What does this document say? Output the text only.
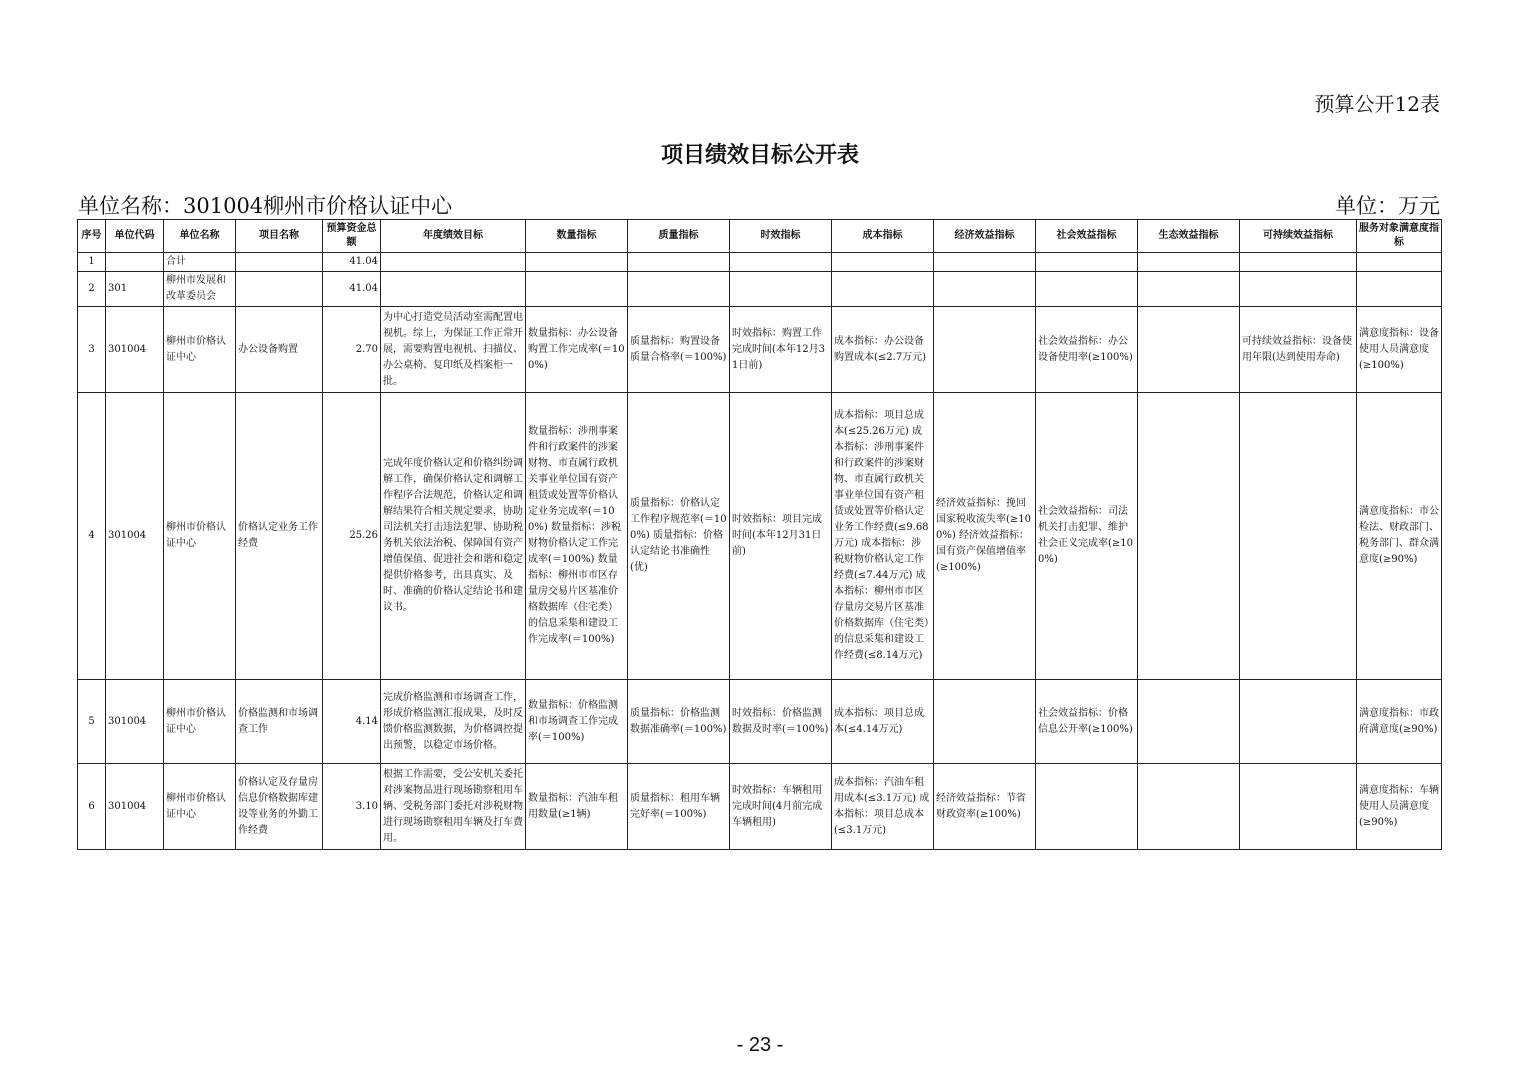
预算公开12表
项目绩效目标公开表
单位名称：301004柳州市价格认证中心	单位：万元
序号	单位代码	单位名称	项目名称	预算资金总额	年度绩效目标	数量指标	质量指标	时效指标	成本指标	经济效益指标	社会效益指标	生态效益指标	可持续效益指标	服务对象满意度指标
1		合计		41.04										
2	301	柳州市发展和改革委员会		41.04										
3	301004	柳州市价格认证中心	办公设备购置	2.70	为中心打造党员活动室需配置电视机。综上，为保证工作正常开展，需要购置电视机、扫描仪、办公桌椅、复印纸及档案柜一批。	数量指标：办公设备购置工作完成率(＝100%)	质量指标：购置设备质量合格率(＝100%)	时效指标：购置工作完成时间(本年12月31日前)	成本指标：办公设备购置成本(≤2.7万元)		社会效益指标：办公设备使用率(≥100%)		可持续效益指标：设备使用年限(达到使用寿命)	满意度指标：设备使用人员满意度(≥100%)
4	301004	柳州市价格认证中心	价格认定业务工作经费	25.26	完成年度价格认定和价格纠纷调解工作，确保价格认定和调解工作程序合法规范，价格认定和调解结果符合相关规定要求，协助司法机关打击违法犯罪、协助税务机关依法治税、保障国有资产增值保值、促进社会和谐和稳定提供价格参考，出具真实、及时、准确的价格认定结论书和建议书。	数量指标：涉刑事案件和行政案件的涉案财物、市直属行政机关事业单位国有资产租赁或处置等价格认定业务完成率(＝100%) 数量指标：涉税财物价格认定工作完成率(＝100%) 数量指标：柳州市市区存量房交易片区基准价格数据库（住宅类）的信息采集和建设工作完成率(＝100%)	质量指标：价格认定工作程序规范率(＝100%) 质量指标：价格认定结论书准确性(优)	时效指标：项目完成时间(本年12月31日前)	成本指标：项目总成本(≤25.26万元) 成本指标：涉刑事案件和行政案件的涉案财物、市直属行政机关事业单位国有资产租赁或处置等价格认定业务工作经费(≤9.68万元) 成本指标：涉税财物价格认定工作经费(≤7.44万元) 成本指标：柳州市市区存量房交易片区基准价格数据库（住宅类）的信息采集和建设工作经费(≤8.14万元)	经济效益指标：挽回国家税收流失率(≥100%) 经济效益指标：国有资产保值增值率(≥100%)	社会效益指标：司法机关打击犯罪、维护社会正义完成率(≥100%)			满意度指标：市公检法、财政部门、税务部门、群众满意度(≥90%)
5	301004	柳州市价格认证中心	价格监测和市场调查工作	4.14	完成价格监测和市场调查工作，形成价格监测汇报成果，及时反馈价格监测数据，为价格调控提出预警，以稳定市场价格。	数量指标：价格监测和市场调查工作完成率(＝100%)	质量指标：价格监测数据准确率(＝100%)	时效指标：价格监测数据及时率(＝100%)	成本指标：项目总成本(≤4.14万元)		社会效益指标：价格信息公开率(≥100%)			满意度指标：市政府满意度(≥90%)
6	301004	柳州市价格认证中心	价格认定及存量房信息价格数据库建设等业务的外勤工作经费	3.10	根据工作需要，受公安机关委托对涉案物品进行现场勘察租用车辆、受税务部门委托对涉税财物进行现场勘察租用车辆及打车费用。	数量指标：汽油车租用数量(≥1辆)	质量指标：租用车辆完好率(＝100%)	时效指标：车辆租用完成时间(4月前完成车辆租用)	成本指标：汽油车租用成本(≤3.1万元) 成本指标：项目总成本(≤3.1万元)	经济效益指标：节省财政资率(≥100%)				满意度指标：车辆使用人员满意度(≥90%)
- 23 -
